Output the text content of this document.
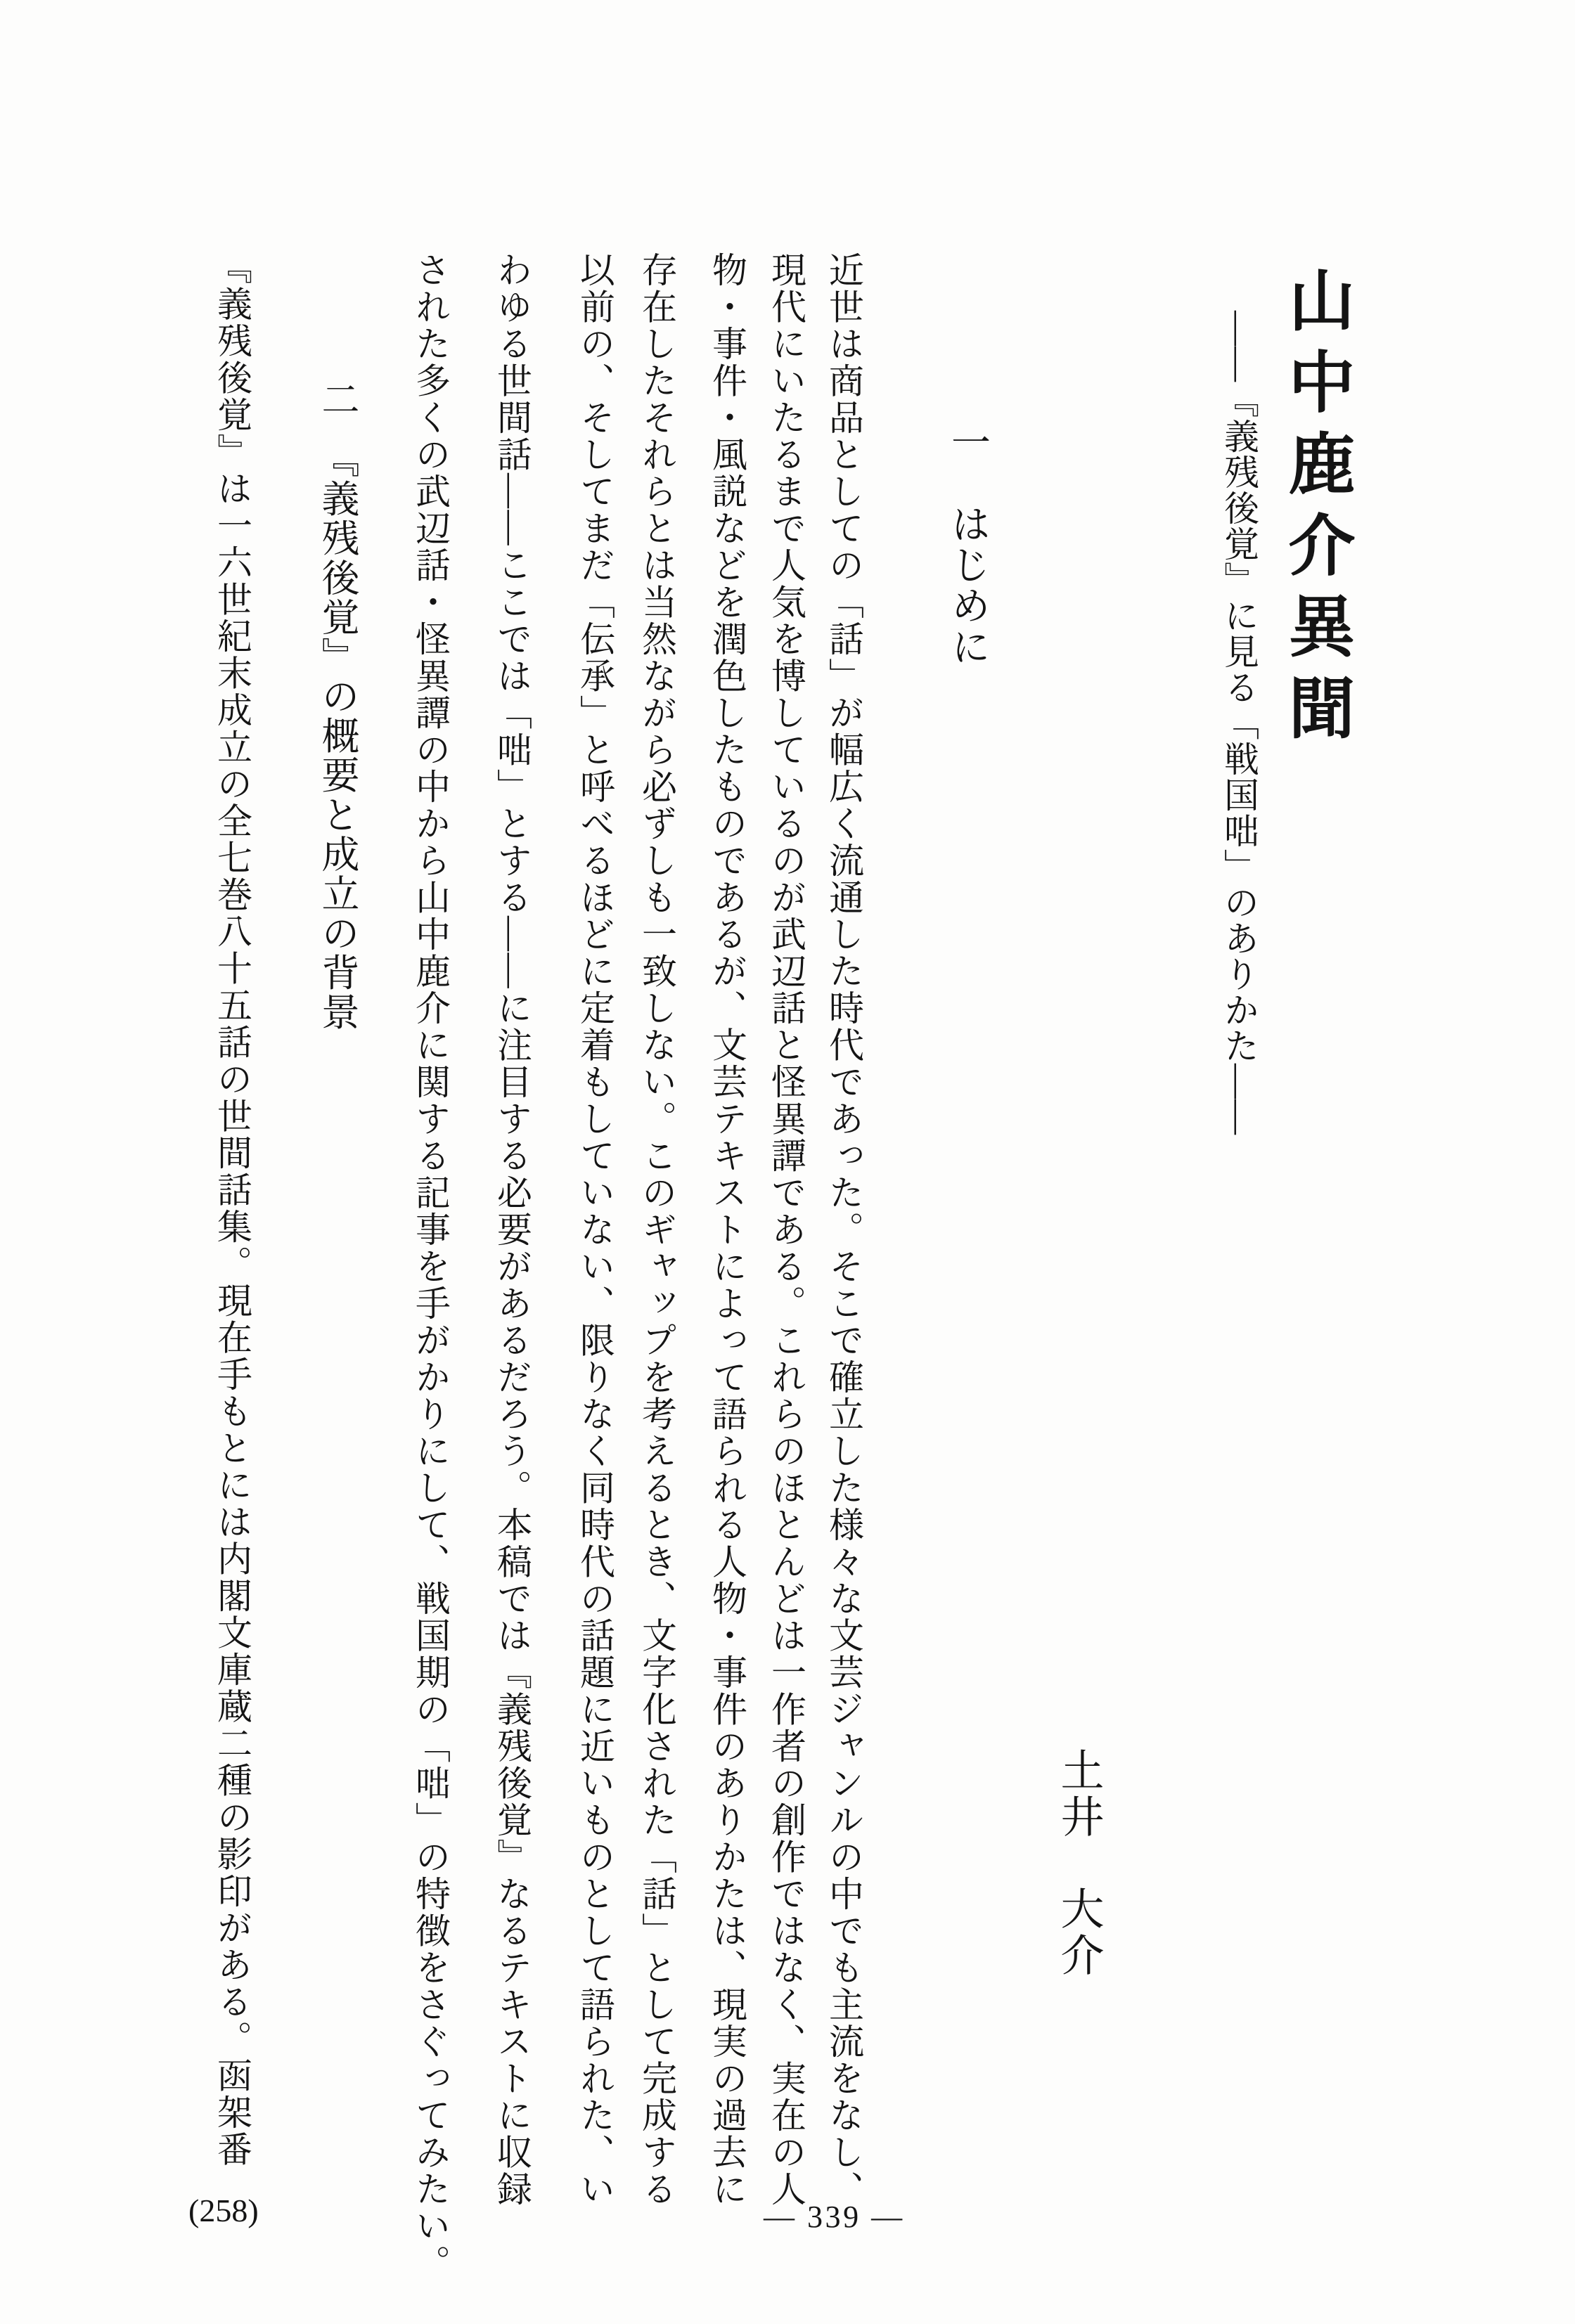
山中鹿介異聞
――『義残後覚』に見る「戦国咄」のありかた――
土井　大介
一　はじめに
近世は商品としての「話」が幅広く流通した時代であった。そこで確立した様々な文芸ジャンルの中でも主流をなし、
現代にいたるまで人気を博しているのが武辺話と怪異譚である。これらのほとんどは一作者の創作ではなく、実在の人
物・事件・風説などを潤色したものであるが、文芸テキストによって語られる人物・事件のありかたは、現実の過去に
存在したそれらとは当然ながら必ずしも一致しない。このギャップを考えるとき、文字化された「話」として完成する
以前の、そしてまだ「伝承」と呼べるほどに定着もしていない、限りなく同時代の話題に近いものとして語られた、い
わゆる世間話――ここでは「咄」とする――に注目する必要があるだろう。本稿では『義残後覚』なるテキストに収録
された多くの武辺話・怪異譚の中から山中鹿介に関する記事を手がかりにして、戦国期の「咄」の特徴をさぐってみたい。
二　『義残後覚』の概要と成立の背景
『義残後覚』は一六世紀末成立の全七巻八十五話の世間話集。現在手もとには内閣文庫蔵二種の影印がある。函架番
― 339 ―
(258)
